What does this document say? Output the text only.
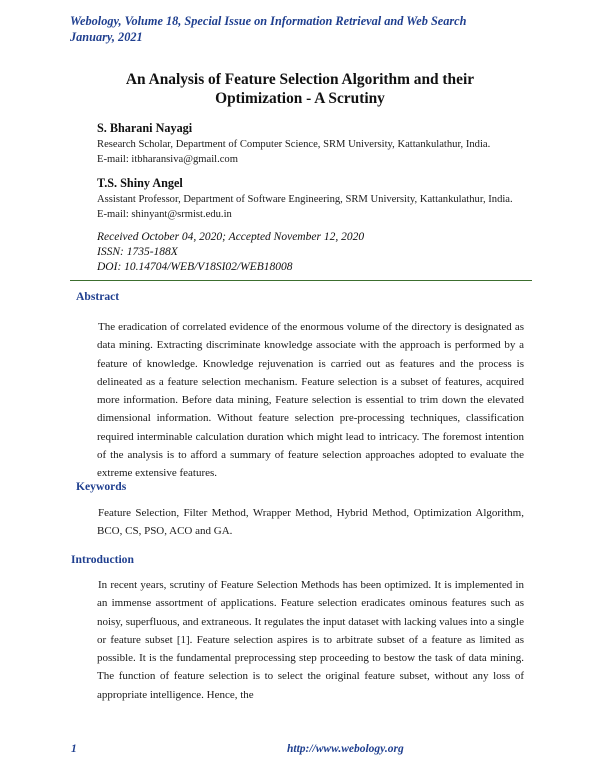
Webology, Volume 18, Special Issue on Information Retrieval and Web Search
January, 2021
An Analysis of Feature Selection Algorithm and their
Optimization - A Scrutiny
S. Bharani Nayagi
Research Scholar, Department of Computer Science, SRM University, Kattankulathur, India.
E-mail: itbharansiva@gmail.com
T.S. Shiny Angel
Assistant Professor, Department of Software Engineering, SRM University, Kattankulathur, India.
E-mail: shinyant@srmist.edu.in
Received October 04, 2020; Accepted November 12, 2020
ISSN: 1735-188X
DOI: 10.14704/WEB/V18SI02/WEB18008
Abstract
The eradication of correlated evidence of the enormous volume of the directory is designated as data mining. Extracting discriminate knowledge associate with the approach is performed by a feature of knowledge. Knowledge rejuvenation is carried out as features and the process is delineated as a feature selection mechanism. Feature selection is a subset of features, acquired more information. Before data mining, Feature selection is essential to trim down the elevated dimensional information. Without feature selection pre-processing techniques, classification required interminable calculation duration which might lead to intricacy. The foremost intention of the analysis is to afford a summary of feature selection approaches adopted to evaluate the extreme extensive features.
Keywords
Feature Selection, Filter Method, Wrapper Method, Hybrid Method, Optimization Algorithm, BCO, CS, PSO, ACO and GA.
Introduction
In recent years, scrutiny of Feature Selection Methods has been optimized. It is implemented in an immense assortment of applications. Feature selection eradicates ominous features such as noisy, superfluous, and extraneous. It regulates the input dataset with lacking values into a single or feature subset [1]. Feature selection aspires is to arbitrate subset of a feature as limited as possible. It is the fundamental preprocessing step proceeding to bestow the task of data mining. The function of feature selection is to select the original feature subset, without any loss of appropriate intelligence. Hence, the
1	http://www.webology.org
